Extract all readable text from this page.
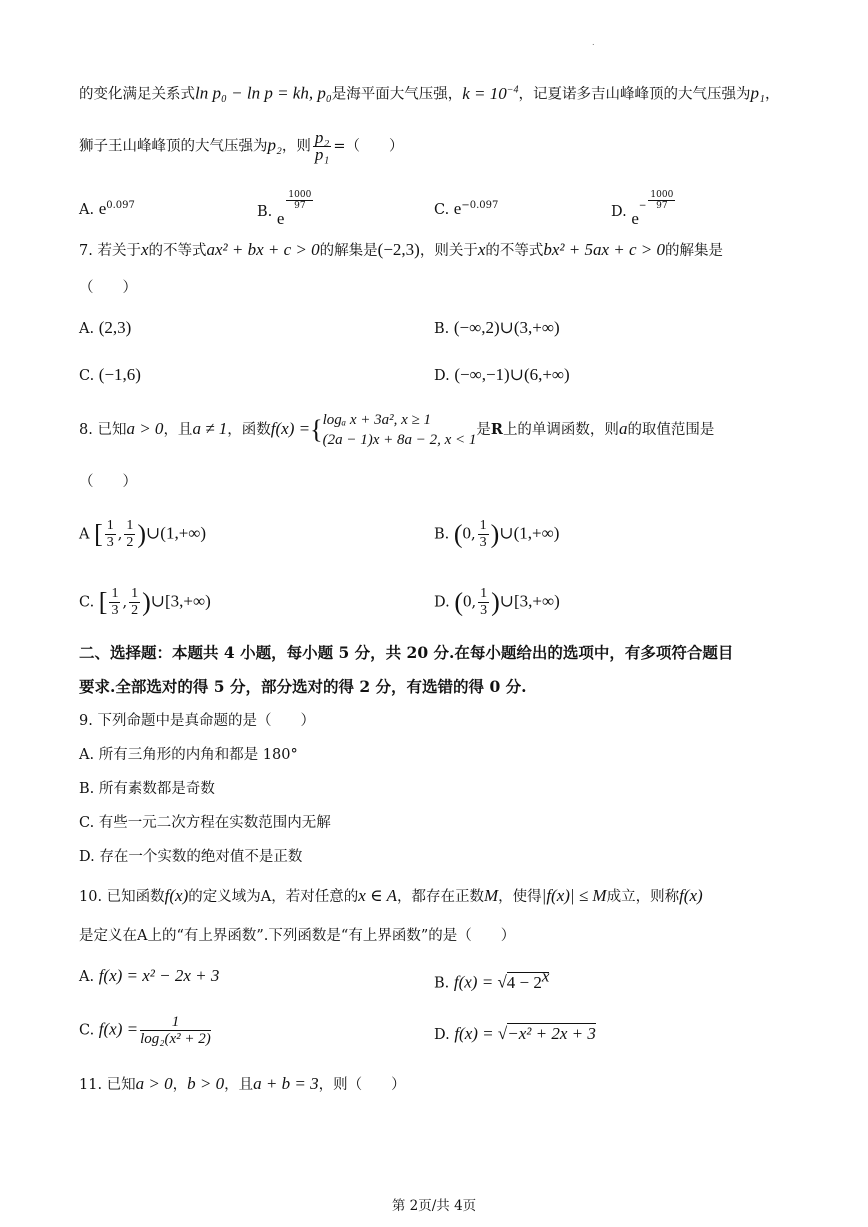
.
的变化满足关系式ln p₀ − ln p = kh, p₀是海平面大气压强，$k = 10^{-4}$，记夏诺多吉山峰峰顶的大气压强为p₁，
狮子王山峰峰顶的大气压强为p₂，则 $\frac{\text{p₂}}{\text{p₁}}$ =（　　）
A. $e^{0.097}$	B. e
$\frac{1000}{97}$	C. $e^{-0.097}$	D. $e^- \frac{1000}{97}$
7. 若关于x的不等式ax² + bx + c > 0的解集是(−2,3)，则关于x的不等式bx² + 5ax + c > 0的解集是
（　　）
A. (2,3)	B. (−∞,2)∪(3,+∞)
C. (−1,6)	D. (−∞,−1)∪(6,+∞)
8. 已知a > 0，且a ≠ 1，函数f(x) ={ logₐ x + 3a², x ≥ 1
(2a − 1)x + 8a − 2, x < 1
是R上的单调函数，则a的取值范围是
（　　）
A [ $\frac{1}{3}$ , $\frac{1}{2}$ )∪(1,+∞)	B. (0, $\frac{1}{3}$ )∪(1,+∞)
C. [ $\frac{1}{3}$ , $\frac{1}{2}$ )∪[3,+∞)	D. (0, $\frac{1}{3}$ )∪[3,+∞)
二、选择题：本题共 4 小题，每小题 5 分，共 20 分.在每小题给出的选项中，有多项符合题目
要求.全部选对的得 5 分，部分选对的得 2 分，有选错的得 0 分.
9. 下列命题中是真命题的是（　　）
A. 所有三角形的内角和都是 180°
B. 所有素数都是奇数
C. 有些一元二次方程在实数范围内无解
D. 存在一个实数的绝对值不是正数
10. 已知函数f(x)的定义域为A，若对任意的x ∈ A，都存在正数M，使得|f(x)| ≤ M成立，则称f(x)
是定义在A上的“有上界函数”.下列函数是“有上界函数”的是（　　）
A. f(x) = x² − 2x + 3	B. $f(x) = √4 - 2^x$
C. $f(x) = \frac{1}{\text{log₂(x² + 2)}}$	D. f(x) = √−x² + 2x + 3
11. 已知a > 0，b > 0，且a + b = 3，则（　　）
第 2页/共 4页
